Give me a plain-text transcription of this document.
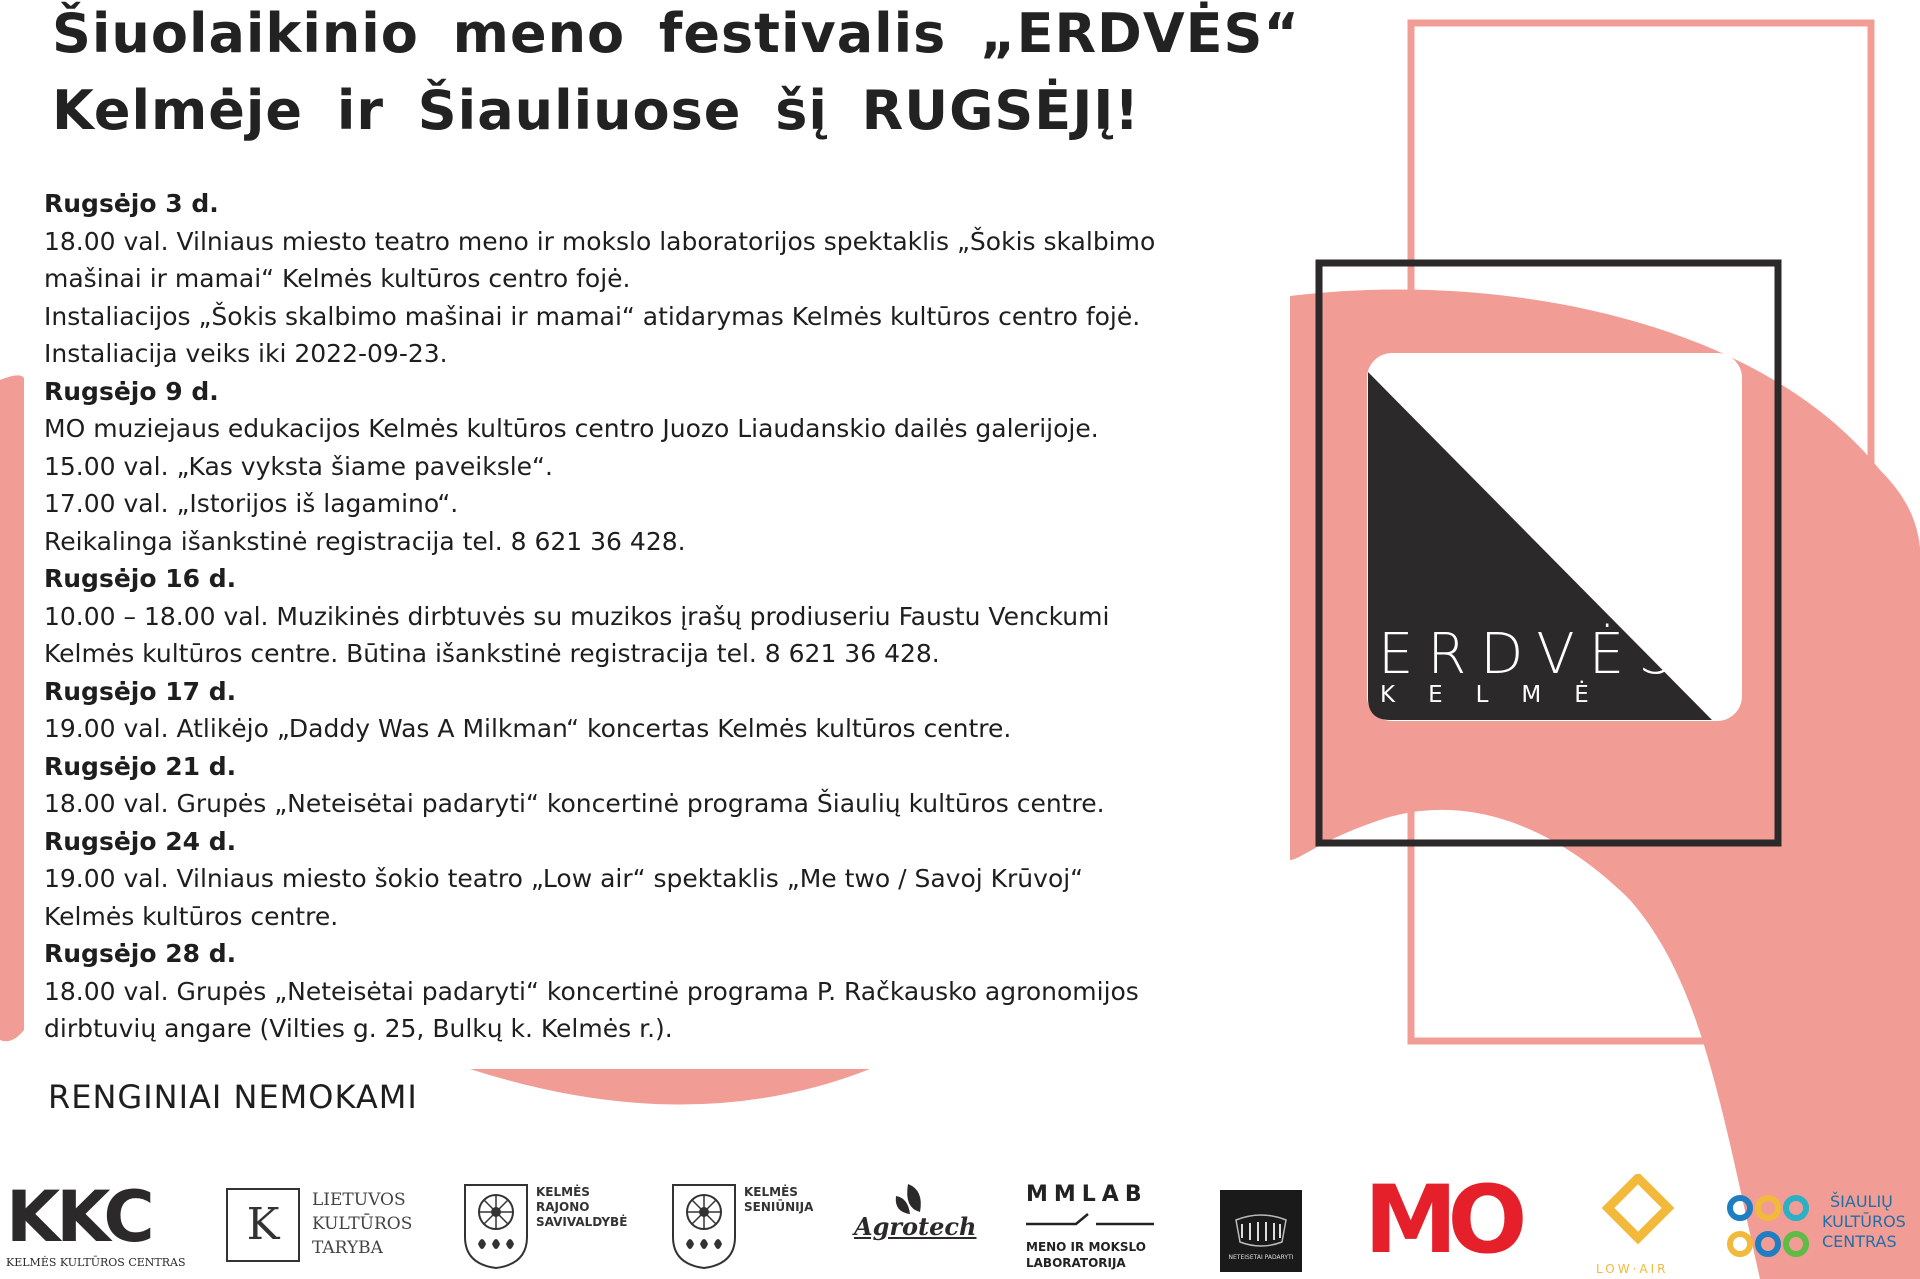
Šiuolaikinio meno festivalis „ERDVĖS“
Kelmėje ir Šiauliuose šį RUGSĖJĮ!
Rugsėjo 3 d.
18.00 val. Vilniaus miesto teatro meno ir mokslo laboratorijos spektaklis „Šokis skalbimo
mašinai ir mamai“ Kelmės kultūros centro fojė.
Instaliacijos „Šokis skalbimo mašinai ir mamai“ atidarymas Kelmės kultūros centro fojė.
Instaliacija veiks iki 2022-09-23.
Rugsėjo 9 d.
MO muziejaus edukacijos Kelmės kultūros centro Juozo Liaudanskio dailės galerijoje.
15.00 val. „Kas vyksta šiame paveiksle“.
17.00 val. „Istorijos iš lagamino“.
Reikalinga išankstinė registracija tel. 8 621 36 428.
Rugsėjo 16 d.
10.00 – 18.00 val. Muzikinės dirbtuvės su muzikos įrašų prodiuseriu Faustu Venckumi
Kelmės kultūros centre. Būtina išankstinė registracija tel. 8 621 36 428.
Rugsėjo 17 d.
19.00 val. Atlikėjo „Daddy Was A Milkman“ koncertas Kelmės kultūros centre.
Rugsėjo 21 d.
18.00 val. Grupės „Neteisėtai padaryti“ koncertinė programa Šiaulių kultūros centre.
Rugsėjo 24 d.
19.00 val. Vilniaus miesto šokio teatro „Low air“ spektaklis „Me two / Savoj Krūvoj“
Kelmės kultūros centre.
Rugsėjo 28 d.
18.00 val. Grupės „Neteisėtai padaryti“ koncertinė programa P. Račkausko agronomijos
dirbtuvių angare (Vilties g. 25, Bulkų k. Kelmės r.).
RENGINIAI NEMOKAMI
ERDVĖS
KELMĖ
KKC
KELMĖS KULTŪROS CENTRAS
K	LIETUVOS
KULTŪROS
TARYBA
KELMĖS
RAJONO
SAVIVALDYBĖ
KELMĖS
SENIŪNIJA
Agrotech
MMLAB
MENO IR MOKSLO
LABORATORIJA	NETEISĖTAI PADARYTI MO	LOW·AIR
ŠIAULIŲ
KULTŪROS
CENTRAS
